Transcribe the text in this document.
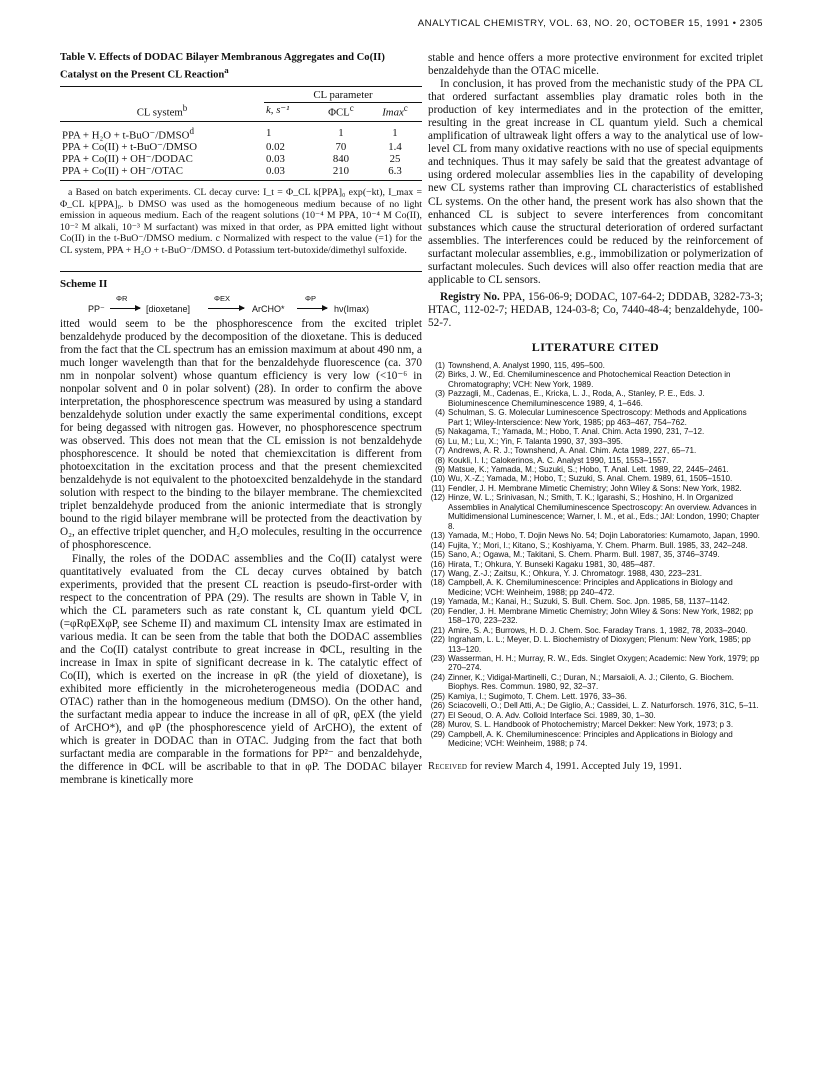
ANALYTICAL CHEMISTRY, VOL. 63, NO. 20, OCTOBER 15, 1991 • 2305
Table V. Effects of DODAC Bilayer Membranous Aggregates and Co(II) Catalyst on the Present CL Reaction$^a$
	CL parameter		
CL system$^b$	k, s⁻¹	ΦCL$^c$	Imax$^c$
PPA + $H_2O + t-BuO^-/DMSO^d$	1	1	1
PPA + Co(II) + t-BuO⁻/DMSO	0.02	70	1.4
PPA + Co(II) + OH⁻/DODAC	0.03	840	25
PPA + Co(II) + OH⁻/OTAC	0.03	210	6.3

a Based on batch experiments. CL decay curve: I_t = Φ_CL k[PPA]₀ exp(−kt), I_max = Φ_CL k[PPA]₀. b DMSO was used as the homogeneous medium because of no light emission in aqueous medium. Each of the reagent solutions (10⁻⁴ M PPA, 10⁻⁴ M Co(II), 10⁻² M alkali, 10⁻³ M surfactant) was mixed in that order, as PPA emitted light without Co(II) in the t-BuO⁻/DMSO medium. c Normalized with respect to the value (=1) for the CL system, PPA + H₂O + t-BuO⁻/DMSO. d Potassium tert-butoxide/dimethyl sulfoxide.

Scheme II
PP⁻
ΦR
[dioxetane]
ΦEX
ArCHO*
ΦP
hν(Imax)

itted would seem to be the phosphorescence from the excited triplet benzaldehyde produced by the decomposition of the dioxetane. This is deduced from the fact that the CL spectrum has an emission maximum at about 490 nm, a much longer wavelength than that for the benzaldehyde fluorescence (ca. 370 nm in nonpolar solvent) whose quantum efficiency is very low (<10⁻⁶ in nonpolar solvent and 0 in polar solvent) (28). In order to confirm the above interpretation, the phosphorescence spectrum was measured by using a standard benzaldehyde solution under exactly the same experimental conditions, except for being degassed with nitrogen gas. However, no phosphorescence spectrum was observed. This does not mean that the CL emission is not benzaldehyde phosphorescence. It should be noted that chemiexcitation is different from photoexcitation in the excitation process and that the present chemiexcited benzaldehyde is not equivalent to the photoexcited benzaldehyde in the standard solution with respect to the binding to the bilayer membrane. The chemiexcited triplet benzaldehyde produced from the anionic intermediate that is strongly bound to the rigid bilayer membrane will be protected from the deactivation by O₂, an effective triplet quencher, and H₂O molecules, resulting in the occurrence of phosphorescence.

Finally, the roles of the DODAC assemblies and the Co(II) catalyst were quantitatively evaluated from the CL decay curves obtained by batch experiments, provided that the present CL reaction is pseudo-first-order with respect to the concentration of PPA (29). The results are shown in Table V, in which the CL parameters such as rate constant k, CL quantum yield ΦCL (=φRφEXφP, see Scheme II) and maximum CL intensity Imax are estimated in various media. It can be seen from the table that both the DODAC assemblies and the Co(II) catalyst contribute to great increase in ΦCL, resulting in the increase in Imax in spite of significant decrease in k. The catalytic effect of Co(II), which is exerted on the increase in φR (the yield of dioxetane), is exhibited more efficiently in the microheterogeneous media (DODAC and OTAC) rather than in the homogeneous medium (DMSO). On the other hand, the surfactant media appear to induce the increase in all of φR, φEX (the yield of ArCHO*), and φP (the phosphorescence yield of ArCHO), the extent of which is greater in DODAC than in OTAC. Judging from the fact that both surfactant media are comparable in the formations for PP²⁻ and benzaldehyde, the difference in ΦCL will be ascribable to that in φP. The DODAC bilayer membrane is kinetically more

stable and hence offers a more protective environment for excited triplet benzaldehyde than the OTAC micelle.

In conclusion, it has proved from the mechanistic study of the PPA CL that ordered surfactant assemblies play dramatic roles both in the production of key intermediates and in the protection of the emitter, resulting in the great increase in CL quantum yield. Such a chemical amplification of ultraweak light offers a way to the analytical use of low-level CL from many oxidative reactions with no use of special equipments and techniques. Thus it may safely be said that the greatest advantage of using ordered molecular assemblies lies in the capability of developing new CL systems rather than improving CL characteristics of established CL systems. On the other hand, the present work has also shown that the enhanced CL is subject to severe interferences from concomitant substances which cause the structural deterioration of ordered surfactant assemblies. The interferences could be reduced by the reinforcement of surfactant molecular assemblies, e.g., immobilization or polymerization of surfactant molecules. Such devices will also offer reaction media that are applicable to CL sensors.

Registry No. PPA, 156-06-9; DODAC, 107-64-2; DDDAB, 3282-73-3; HTAC, 112-02-7; HEDAB, 124-03-8; Co, 7440-48-4; benzaldehyde, 100-52-7.

LITERATURE CITED
(1) Townshend, A. Analyst 1990, 115, 495–500.
(2) Birks, J. W., Ed. Chemiluminescence and Photochemical Reaction Detection in Chromatography; VCH: New York, 1989.
(3) Pazzagli, M., Cadenas, E., Kricka, L. J., Roda, A., Stanley, P. E., Eds. J. Bioluminescence Chemiluminescence 1989, 4, 1–646.
(4) Schulman, S. G. Molecular Luminescence Spectroscopy: Methods and Applications Part 1; Wiley-Interscience: New York, 1985; pp 463–467, 754–762.
(5) Nakagama, T.; Yamada, M.; Hobo, T. Anal. Chim. Acta 1990, 231, 7–12.
(6) Lu, M.; Lu, X.; Yin, F. Talanta 1990, 37, 393–395.
(7) Andrews, A. R. J.; Townshend, A. Anal. Chim. Acta 1989, 227, 65–71.
(8) Koukli, I. I.; Calokerinos, A. C. Analyst 1990, 115, 1553–1557.
(9) Matsue, K.; Yamada, M.; Suzuki, S.; Hobo, T. Anal. Lett. 1989, 22, 2445–2461.
(10) Wu, X.-Z.; Yamada, M.; Hobo, T.; Suzuki, S. Anal. Chem. 1989, 61, 1505–1510.
(11) Fendler, J. H. Membrane Mimetic Chemistry; John Wiley & Sons: New York, 1982.
(12) Hinze, W. L.; Srinivasan, N.; Smith, T. K.; Igarashi, S.; Hoshino, H. In Organized Assemblies in Analytical Chemiluminescence Spectroscopy: An overview. Advances in Multidimensional Luminescence; Warner, I. M., et al., Eds.; JAI: London, 1990; Chapter 8.
(13) Yamada, M.; Hobo, T. Dojin News No. 54; Dojin Laboratories: Kumamoto, Japan, 1990.
(14) Fujita, Y.; Mori, I.; Kitano, S.; Koshiyama, Y. Chem. Pharm. Bull. 1985, 33, 242–248.
(15) Sano, A.; Ogawa, M.; Takitani, S. Chem. Pharm. Bull. 1987, 35, 3746–3749.
(16) Hirata, T.; Ohkura, Y. Bunseki Kagaku 1981, 30, 485–487.
(17) Wang, Z.-J.; Zaitsu, K.; Ohkura, Y. J. Chromatogr. 1988, 430, 223–231.
(18) Campbell, A. K. Chemiluminescence: Principles and Applications in Biology and Medicine; VCH: Weinheim, 1988; pp 240–472.
(19) Yamada, M.; Kanai, H.; Suzuki, S. Bull. Chem. Soc. Jpn. 1985, 58, 1137–1142.
(20) Fendler, J. H. Membrane Mimetic Chemistry; John Wiley & Sons: New York, 1982; pp 158–170, 223–232.
(21) Amire, S. A.; Burrows, H. D. J. Chem. Soc. Faraday Trans. 1, 1982, 78, 2033–2040.
(22) Ingraham, L. L.; Meyer, D. L. Biochemistry of Dioxygen; Plenum: New York, 1985; pp 113–120.
(23) Wasserman, H. H.; Murray, R. W., Eds. Singlet Oxygen; Academic: New York, 1979; pp 270–274.
(24) Zinner, K.; Vidigal-Martinelli, C.; Duran, N.; Marsaioli, A. J.; Cilento, G. Biochem. Biophys. Res. Commun. 1980, 92, 32–37.
(25) Kamiya, I.; Sugimoto, T. Chem. Lett. 1976, 33–36.
(26) Sciacovelli, O.; Dell Atti, A.; De Giglio, A.; Cassidei, L. Z. Naturforsch. 1976, 31C, 5–11.
(27) El Seoud, O. A. Adv. Colloid Interface Sci. 1989, 30, 1–30.
(28) Murov, S. L. Handbook of Photochemistry; Marcel Dekker: New York, 1973; p 3.
(29) Campbell, A. K. Chemiluminescence: Principles and Applications in Biology and Medicine; VCH: Weinheim, 1988; p 74.

Received for review March 4, 1991. Accepted July 19, 1991.
